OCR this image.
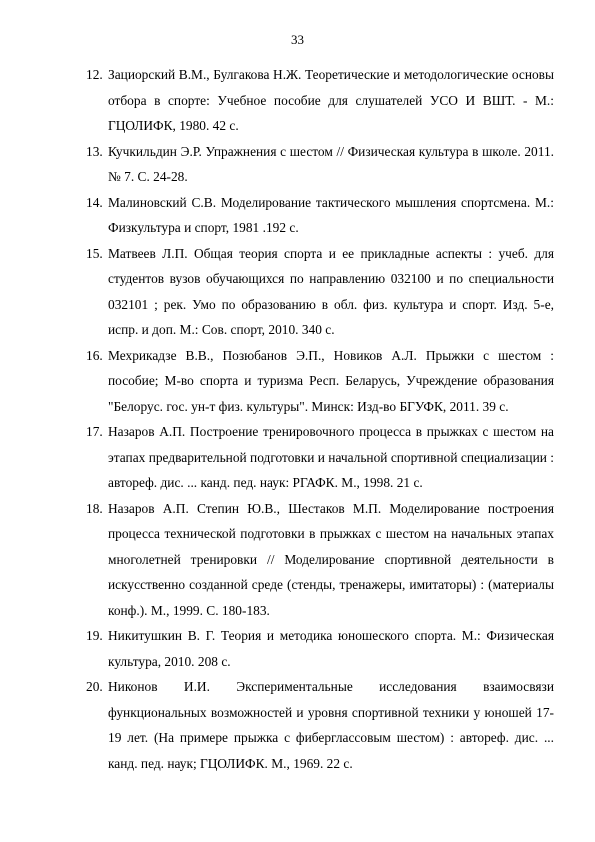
33
12. Зациорский В.М., Булгакова Н.Ж. Теоретические и методологические основы отбора в спорте: Учебное пособие для слушателей УСО И ВШТ. - М.: ГЦОЛИФК, 1980. 42 с.
13. Кучкильдин Э.Р. Упражнения с шестом // Физическая культура в школе. 2011. № 7. С. 24-28.
14. Малиновский С.В. Моделирование тактического мышления спортсмена. М.: Физкультура и спорт, 1981 .192 с.
15. Матвеев Л.П. Общая теория спорта и ее прикладные аспекты : учеб. для студентов вузов обучающихся по направлению 032100 и по специальности 032101 ; рек. Умо по образованию в обл. физ. культура и спорт. Изд. 5-е, испр. и доп. М.: Сов. спорт, 2010. 340 с.
16. Мехрикадзе В.В., Позюбанов Э.П., Новиков А.Л. Прыжки с шестом : пособие; М-во спорта и туризма Респ. Беларусь, Учреждение образования "Белорус. гос. ун-т физ. культуры". Минск: Изд-во БГУФК, 2011. 39 с.
17. Назаров А.П. Построение тренировочного процесса в прыжках с шестом на этапах предварительной подготовки и начальной спортивной специализации : автореф. дис. ... канд. пед. наук: РГАФК. М., 1998. 21 с.
18. Назаров А.П. Степин Ю.В., Шестаков М.П. Моделирование построения процесса технической подготовки в прыжках с шестом на начальных этапах многолетней тренировки // Моделирование спортивной деятельности в искусственно созданной среде (стенды, тренажеры, имитаторы) : (материалы конф.). М., 1999. С. 180-183.
19. Никитушкин В. Г. Теория и методика юношеского спорта. М.: Физическая культура, 2010. 208 с.
20. Никонов И.И. Экспериментальные исследования взаимосвязи функциональных возможностей и уровня спортивной техники у юношей 17-19 лет. (На примере прыжка с фиберглассовым шестом) : автореф. дис. ... канд. пед. наук; ГЦОЛИФК. М., 1969. 22 с.
